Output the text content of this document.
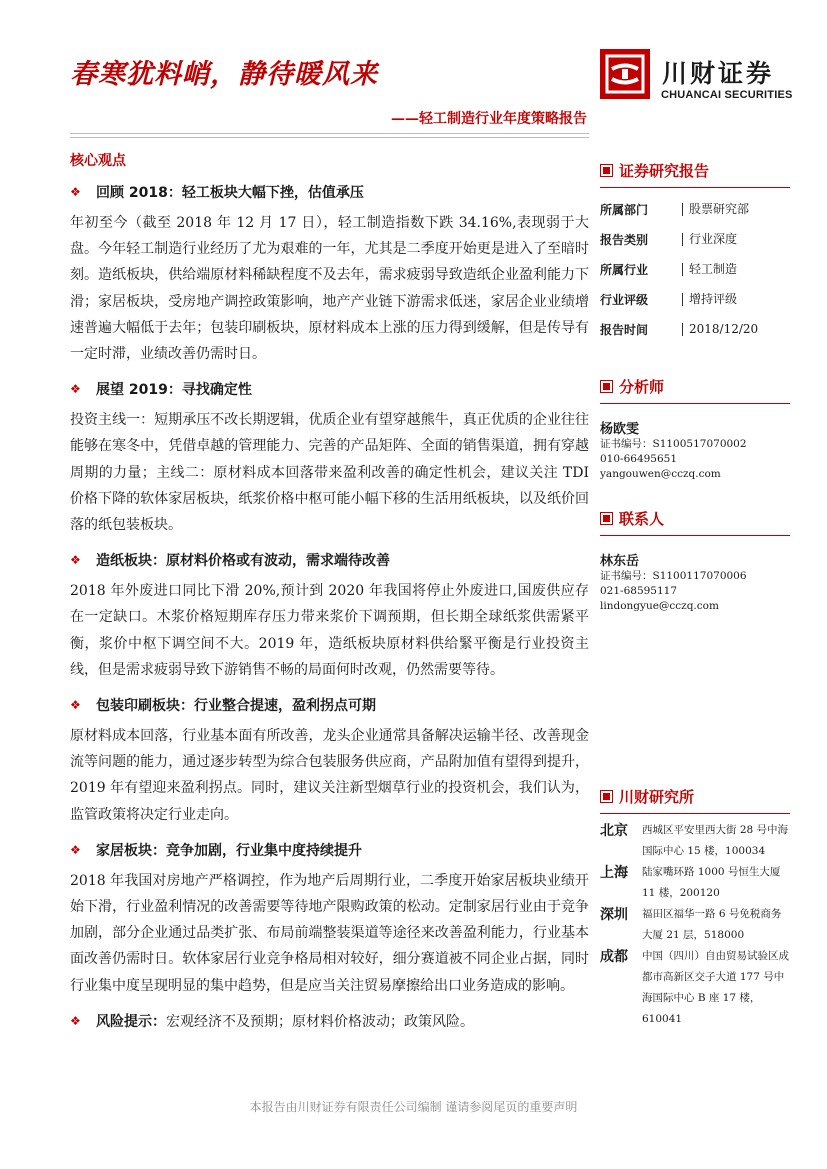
春寒犹料峭，静待暖风来
——轻工制造行业年度策略报告
川财证券
CHUANCAI SECURITIES
核心观点
❖	回顾 2018：轻工板块大幅下挫，估值承压

年初至今（截至 2018 年 12 月 17 日），轻工制造指数下跌 34.16%,表现弱于大盘。今年轻工制造行业经历了尤为艰难的一年，尤其是二季度开始更是进入了至暗时刻。造纸板块，供给端原材料稀缺程度不及去年，需求疲弱导致造纸企业盈利能力下滑；家居板块，受房地产调控政策影响，地产产业链下游需求低迷，家居企业业绩增速普遍大幅低于去年；包装印刷板块，原材料成本上涨的压力得到缓解，但是传导有一定时滞，业绩改善仍需时日。

❖	展望 2019：寻找确定性

投资主线一：短期承压不改长期逻辑，优质企业有望穿越熊牛，真正优质的企业往往能够在寒冬中，凭借卓越的管理能力、完善的产品矩阵、全面的销售渠道，拥有穿越周期的力量；主线二：原材料成本回落带来盈利改善的确定性机会，建议关注 TDI 价格下降的软体家居板块，纸浆价格中枢可能小幅下移的生活用纸板块，以及纸价回落的纸包装板块。

❖	造纸板块：原材料价格或有波动，需求端待改善

2018 年外废进口同比下滑 20%,预计到 2020 年我国将停止外废进口,国废供应存在一定缺口。木浆价格短期库存压力带来浆价下调预期，但长期全球纸浆供需紧平衡，浆价中枢下调空间不大。2019 年，造纸板块原材料供给緊平衡是行业投资主线，但是需求疲弱导致下游销售不畅的局面何时改观，仍然需要等待。

❖	包装印刷板块：行业整合提速，盈利拐点可期

原材料成本回落，行业基本面有所改善，龙头企业通常具备解决运输半径、改善现金流等问题的能力，通过逐步转型为综合包装服务供应商，产品附加值有望得到提升，2019 年有望迎来盈利拐点。同时，建议关注新型烟草行业的投资机会，我们认为，监管政策将决定行业走向。

❖	家居板块：竞争加剧，行业集中度持续提升

2018 年我国对房地产严格调控，作为地产后周期行业，二季度开始家居板块业绩开始下滑，行业盈利情况的改善需要等待地产限购政策的松动。定制家居行业由于竞争加剧，部分企业通过品类扩张、布局前端整装渠道等途径来改善盈利能力，行业基本面改善仍需时日。软体家居行业竞争格局相对较好，细分赛道被不同企业占据，同时行业集中度呈现明显的集中趋势，但是应当关注贸易摩擦给出口业务造成的影响。

❖	风险提示： 宏观经济不及预期；原材料价格波动；政策风险。
证券研究报告
所属部门	股票研究部
报告类别	行业深度
所属行业	轻工制造
行业评级	增持评级
报告时间	2018/12/20
分析师
杨欧雯
证书编号：S1100517070002
010-66495651
yangouwen@cczq.com
联系人
林东岳
证书编号：S1100117070006
021-68595117
lindongyue@cczq.com
川财研究所
北京	西城区平安里西大街 28 号中海国际中心 15 楼，100034
上海	陆家嘴环路 1000 号恒生大厦 11 楼，200120
深圳	福田区福华一路 6 号免税商务大厦 21 层，518000
成都	中国（四川）自由贸易试验区成都市高新区交子大道 177 号中海国际中心 B 座 17 楼，610041
本报告由川财证券有限责任公司编制 谨请参阅尾页的重要声明
